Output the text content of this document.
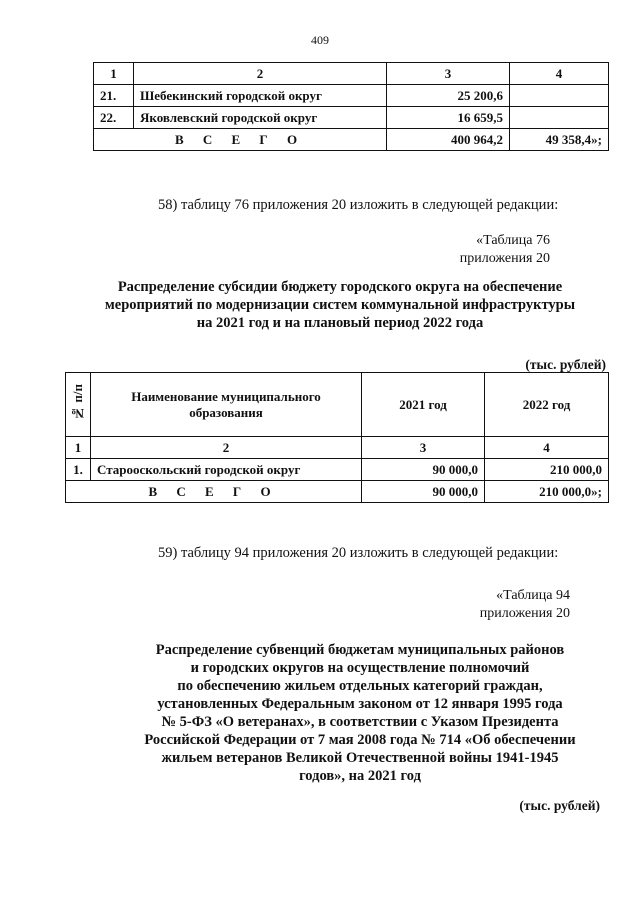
409
1	2	3	4
21.	Шебекинский городской округ	25 200,6	
22.	Яковлевский городской округ	16 659,5	
В С Е Г О		400 964,2	49 358,4»;
58) таблицу 76 приложения 20 изложить в следующей редакции:
«Таблица 76
приложения 20
Распределение субсидии бюджету городского округа на обеспечение
мероприятий по модернизации систем коммунальной инфраструктуры
на 2021 год и на плановый период 2022 года
(тыс. рублей)
№ п/п	Наименование муниципального образования	2021 год	2022 год
1	2	3	4
1.	Старооскольский городской округ	90 000,0	210 000,0
В С Е Г О		90 000,0	210 000,0»;
59) таблицу 94 приложения 20 изложить в следующей редакции:
«Таблица 94
приложения 20
Распределение субвенций бюджетам муниципальных районов
и городских округов на осуществление полномочий
по обеспечению жильем отдельных категорий граждан,
установленных Федеральным законом от 12 января 1995 года
№ 5-ФЗ «О ветеранах», в соответствии с Указом Президента
Российской Федерации от 7 мая 2008 года № 714 «Об обеспечении
жильем ветеранов Великой Отечественной войны 1941-1945
годов», на 2021 год
(тыс. рублей)
